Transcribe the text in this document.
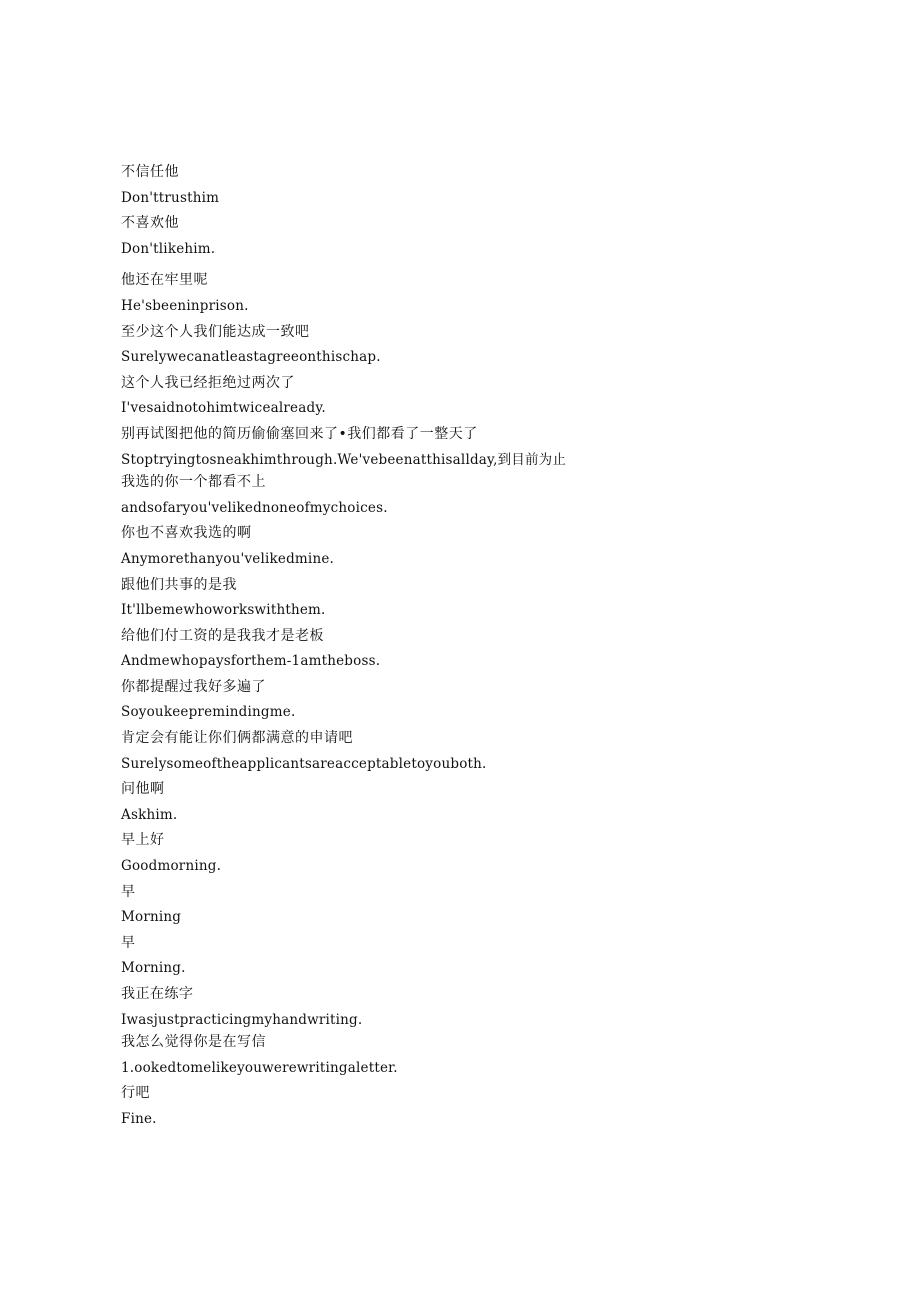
不信任他
Don'ttrusthim
不喜欢他
Don'tlikehim.
他还在牢里呢
He'sbeeninprison.
至少这个人我们能达成一致吧
Surelywecanatleastagreeonthischap.
这个人我已经拒绝过两次了
I'vesaidnotohimtwicealready.
别再试图把他的简历偷偷塞回来了•我们都看了一整天了
Stoptryingtosneakhimthrough.We'vebeenatthisallday,到目前为止
我选的你一个都看不上
andsofaryou'velikednoneofmychoices.
你也不喜欢我选的啊
Anymorethanyou'velikedmine.
跟他们共事的是我
It'llbemewhoworkswiththem.
给他们付工资的是我我才是老板
Andmewhopaysforthem-1amtheboss.
你都提醒过我好多遍了
Soyoukeepremindingme.
肯定会有能让你们俩都满意的申请吧
Surelysomeoftheapplicantsareacceptabletoyouboth.
问他啊
Askhim.
早上好
Goodmorning.
早
Morning
早
Morning.
我正在练字
Iwasjustpracticingmyhandwriting.
我怎么觉得你是在写信
1.ookedtomelikeyouwerewritingaletter.
行吧
Fine.
